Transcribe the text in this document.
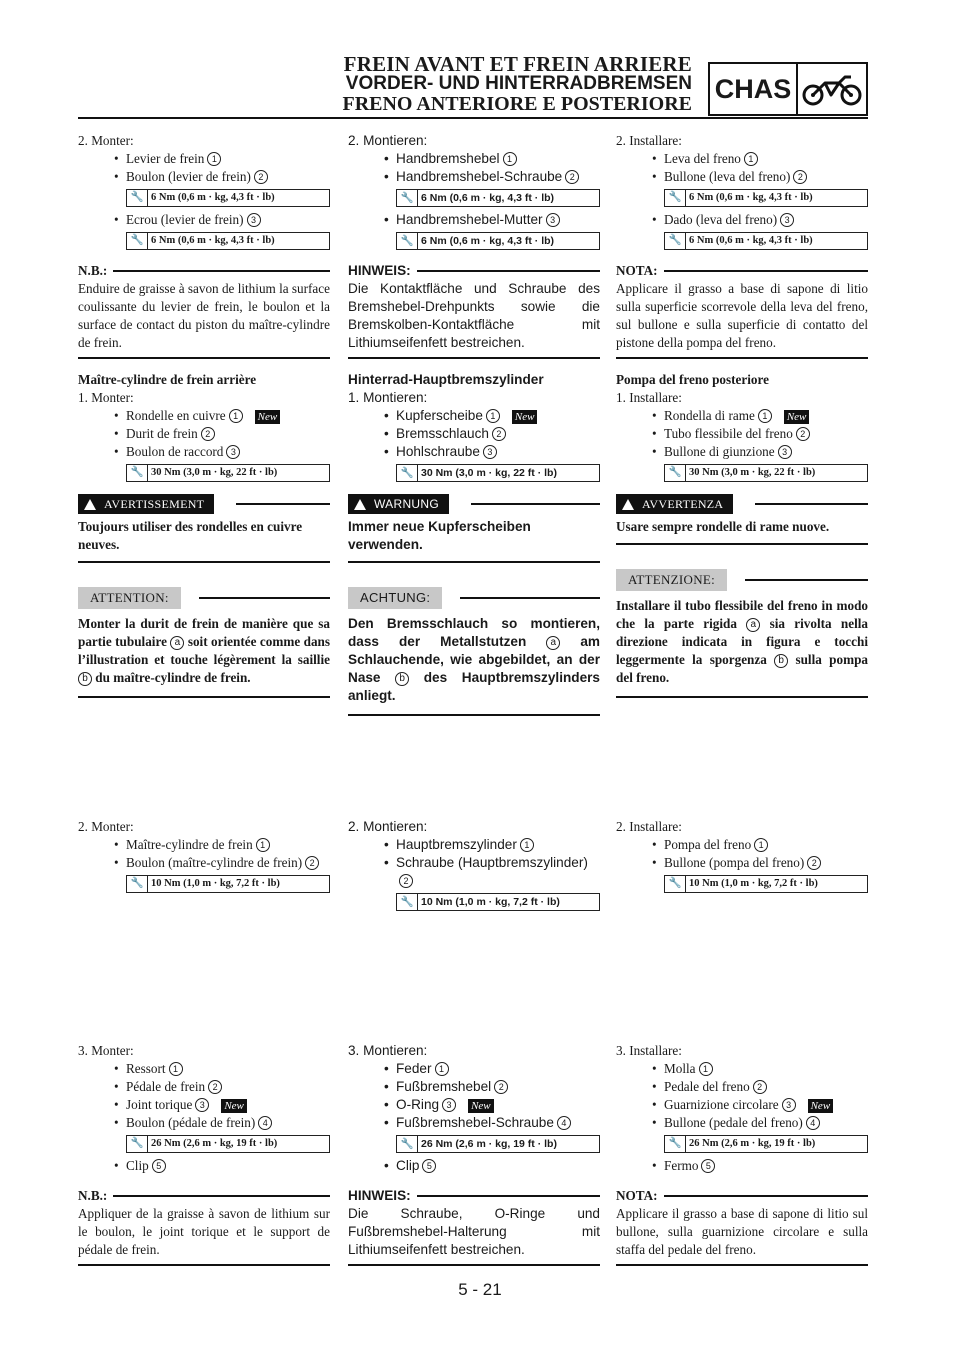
FREIN AVANT ET FREIN ARRIERE
VORDER- UND HINTERRADBREMSEN
FRENO ANTERIORE E POSTERIORE
CHAS
2. Monter:
• Levier de frein 1
• Boulon (levier de frein) 2
🔧 6 Nm (0,6 m · kg, 4,3 ft · lb)
• Ecrou (levier de frein) 3
🔧 6 Nm (0,6 m · kg, 4,3 ft · lb)
N.B.:
Enduire de graisse à savon de lithium la surface coulissante du levier de frein, le boulon et la surface de contact du piston du maître-cylindre de frein.
Maître-cylindre de frein arrière
1. Monter:
• Rondelle en cuivre 1 New
• Durit de frein 2
• Boulon de raccord 3
🔧 30 Nm (3,0 m · kg, 22 ft · lb)
AVERTISSEMENT
Toujours utiliser des rondelles en cuivre neuves.
ATTENTION:
Monter la durit de frein de manière que sa partie tubulaire a soit orientée comme dans l’illustration et touche légèrement la saillie b du maître-cylindre de frein.
2. Montieren:
• Handbremshebel 1
• Handbremshebel-Schraube 2
🔧 6 Nm (0,6 m · kg, 4,3 ft · lb)
• Handbremshebel-Mutter 3
🔧 6 Nm (0,6 m · kg, 4,3 ft · lb)
HINWEIS:
Die Kontaktfläche und Schraube des Bremshebel-Drehpunkts sowie die Bremskolben-Kontaktfläche mit Lithiumseifenfett bestreichen.
Hinterrad-Hauptbremszylinder
1. Montieren:
• Kupferscheibe 1 New
• Bremsschlauch 2
• Hohlschraube 3
🔧 30 Nm (3,0 m · kg, 22 ft · lb)
WARNUNG
Immer neue Kupferscheiben verwenden.
ACHTUNG:
Den Bremsschlauch so montieren, dass der Metallstutzen a am Schlauchende, wie abgebildet, an der Nase b des Hauptbremszylinders anliegt.
2. Installare:
• Leva del freno 1
• Bullone (leva del freno) 2
🔧 6 Nm (0,6 m · kg, 4,3 ft · lb)
• Dado (leva del freno) 3
🔧 6 Nm (0,6 m · kg, 4,3 ft · lb)
NOTA:
Applicare il grasso a base di sapone di litio sulla superficie scorrevole della leva del freno, sul bullone e sulla superficie di contatto del pistone della pompa del freno.
Pompa del freno posteriore
1. Installare:
• Rondella di rame 1 New
• Tubo flessibile del freno 2
• Bullone di giunzione 3
🔧 30 Nm (3,0 m · kg, 22 ft · lb)
AVVERTENZA
Usare sempre rondelle di rame nuove.
ATTENZIONE:
Installare il tubo flessibile del freno in modo che la parte rigida a sia rivolta nella direzione indicata in figura e tocchi leggermente la sporgenza b sulla pompa del freno.
2. Monter:
• Maître-cylindre de frein 1
• Boulon (maître-cylindre de frein) 2
🔧 10 Nm (1,0 m · kg, 7,2 ft · lb)
2. Montieren:
• Hauptbremszylinder 1
• Schraube (Hauptbremszylinder)2
🔧 10 Nm (1,0 m · kg, 7,2 ft · lb)
2. Installare:
• Pompa del freno 1
• Bullone (pompa del freno) 2
🔧 10 Nm (1,0 m · kg, 7,2 ft · lb)
3. Monter:
• Ressort 1
• Pédale de frein 2
• Joint torique 3 New
• Boulon (pédale de frein) 4
🔧 26 Nm (2,6 m · kg, 19 ft · lb)
• Clip 5
N.B.:
Appliquer de la graisse à savon de lithium sur le boulon, le joint torique et le support de pédale de frein.
3. Montieren:
• Feder 1
• Fußbremshebel 2
• O-Ring 3 New
• Fußbremshebel-Schraube 4
🔧 26 Nm (2,6 m · kg, 19 ft · lb)
• Clip 5
HINWEIS:
Die Schraube, O-Ringe und Fußbremshebel-Halterung mit Lithiumseifenfett bestreichen.
3. Installare:
• Molla 1
• Pedale del freno 2
• Guarnizione circolare 3 New
• Bullone (pedale del freno) 4
🔧 26 Nm (2,6 m · kg, 19 ft · lb)
• Fermo 5
NOTA:
Applicare il grasso a base di sapone di litio sul bullone, sulla guarnizione circolare e sulla staffa del pedale del freno.
5 - 21
